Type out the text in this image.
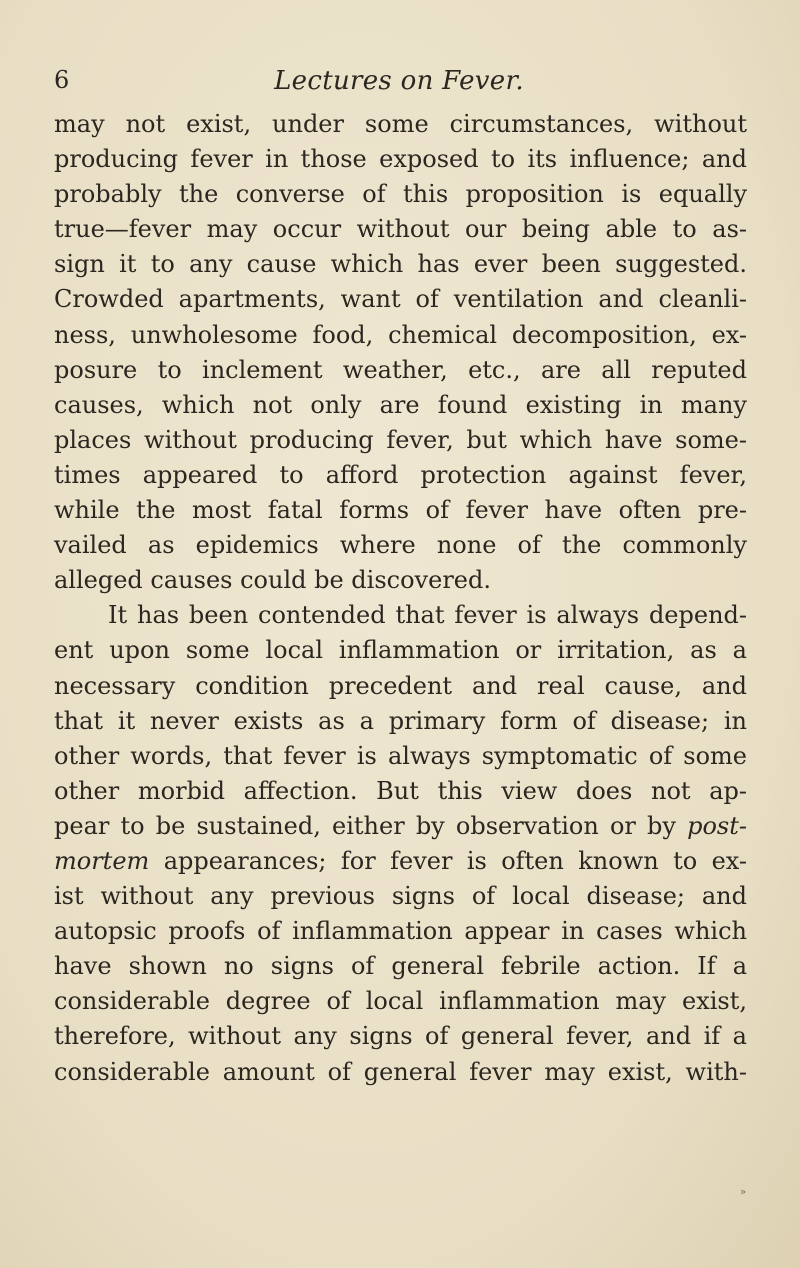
6	Lectures on Fever.
may not exist, under some circumstances, without
producing fever in those exposed to its influence; and
probably the converse of this proposition is equally
true—fever may occur without our being able to as-
sign it to any cause which has ever been suggested.
Crowded apartments, want of ventilation and cleanli-
ness, unwholesome food, chemical decomposition, ex-
posure to inclement weather, etc., are all reputed
causes, which not only are found existing in many
places without producing fever, but which have some-
times appeared to afford protection against fever,
while the most fatal forms of fever have often pre-
vailed as epidemics where none of the commonly
alleged causes could be discovered.
It has been contended that fever is always depend-
ent upon some local inflammation or irritation, as a
necessary condition precedent and real cause, and
that it never exists as a primary form of disease; in
other words, that fever is always symptomatic of some
other morbid affection. But this view does not ap-
pear to be sustained, either by observation or by post-
mortem appearances; for fever is often known to ex-
ist without any previous signs of local disease; and
autopsic proofs of inflammation appear in cases which
have shown no signs of general febrile action. If a
considerable degree of local inflammation may exist,
therefore, without any signs of general fever, and if a
considerable amount of general fever may exist, with-
»
